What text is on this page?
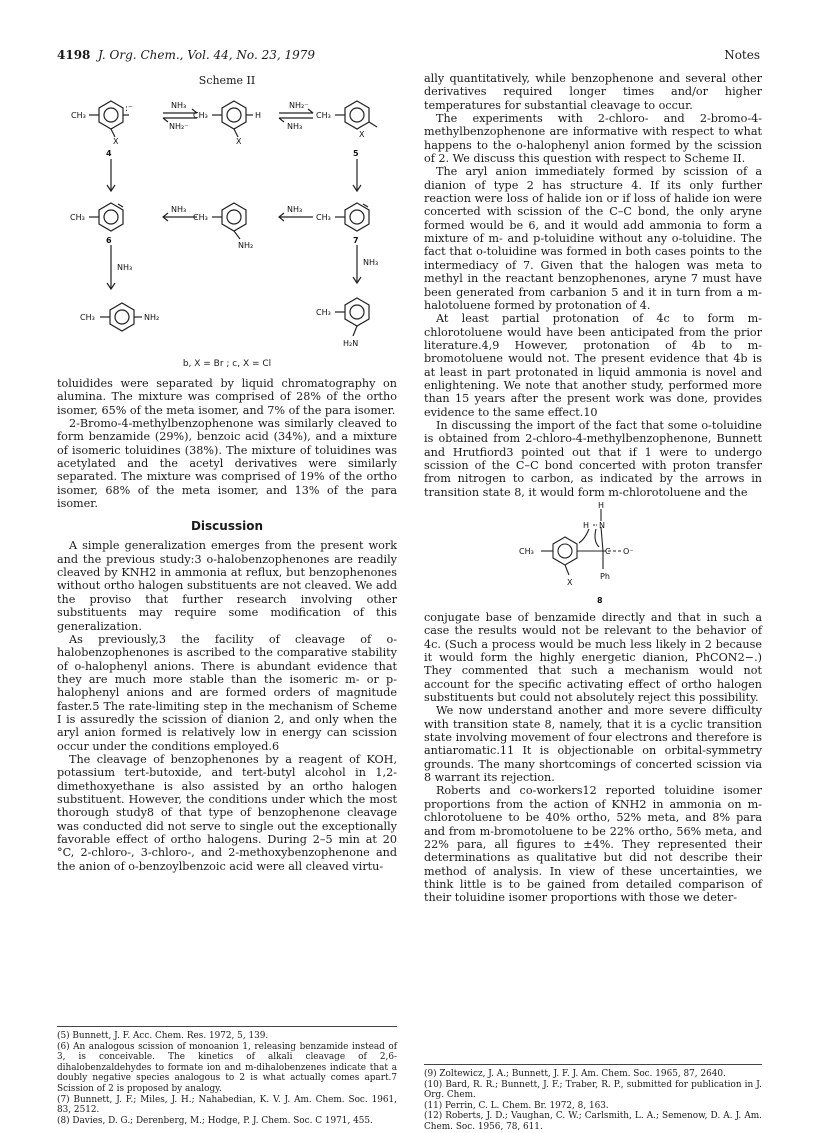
4198 J. Org. Chem., Vol. 44, No. 23, 1979	Notes
Scheme II
CH₃
:⁻
X
4
NH₃
NH₂⁻
CH₃	H
X
NH₂⁻
NH₃
CH₃
X
5
CH₃
6
NH₃
CH₃
NH₂
NH₃
CH₃
7
NH₃
NH₃
CH₃	NH₂
CH₃
H₂N
b, X = Br ; c, X = Cl

toluidides were separated by liquid chromatography on alumina. The mixture was comprised of 28% of the ortho isomer, 65% of the meta isomer, and 7% of the para isomer.

2-Bromo-4-methylbenzophenone was similarly cleaved to form benzamide (29%), benzoic acid (34%), and a mixture of isomeric toluidines (38%). The mixture of toluidines was acetylated and the acetyl derivatives were similarly separated. The mixture was comprised of 19% of the ortho isomer, 68% of the meta isomer, and 13% of the para isomer.

Discussion

A simple generalization emerges from the present work and the previous study:3 o-halobenzophenones are readily cleaved by KNH2 in ammonia at reflux, but benzophenones without ortho halogen substituents are not cleaved. We add the proviso that further research involving other substituents may require some modification of this generalization.

As previously,3 the facility of cleavage of o-halobenzophenones is ascribed to the comparative stability of o-halophenyl anions. There is abundant evidence that they are much more stable than the isomeric m- or p-halophenyl anions and are formed orders of magnitude faster.5 The rate-limiting step in the mechanism of Scheme I is assuredly the scission of dianion 2, and only when the aryl anion formed is relatively low in energy can scission occur under the conditions employed.6

The cleavage of benzophenones by a reagent of KOH, potassium tert-butoxide, and tert-butyl alcohol in 1,2-dimethoxyethane is also assisted by an ortho halogen substituent. However, the conditions under which the most thorough study8 of that type of benzophenone cleavage was conducted did not serve to single out the exceptionally favorable effect of ortho halogens. During 2–5 min at 20 °C, 2-chloro-, 3-chloro-, and 2-methoxybenzophenone and the anion of o-benzoylbenzoic acid were all cleaved virtu-

(5) Bunnett, J. F. Acc. Chem. Res. 1972, 5, 139.

(6) An analogous scission of monoanion 1, releasing benzamide instead of 3, is conceivable. The kinetics of alkali cleavage of 2,6-dihalobenzaldehydes to formate ion and m-dihalobenzenes indicate that a doubly negative species analogous to 2 is what actually comes apart.7 Scission of 2 is proposed by analogy.

(7) Bunnett, J. F.; Miles, J. H.; Nahabedian, K. V. J. Am. Chem. Soc. 1961, 83, 2512.

(8) Davies, D. G.; Derenberg, M.; Hodge, P. J. Chem. Soc. C 1971, 455.

ally quantitatively, while benzophenone and several other derivatives required longer times and/or higher temperatures for substantial cleavage to occur.

The experiments with 2-chloro- and 2-bromo-4-methylbenzophenone are informative with respect to what happens to the o-halophenyl anion formed by the scission of 2. We discuss this question with respect to Scheme II.

The aryl anion immediately formed by scission of a dianion of type 2 has structure 4. If its only further reaction were loss of halide ion or if loss of halide ion were concerted with scission of the C–C bond, the only aryne formed would be 6, and it would add ammonia to form a mixture of m- and p-toluidine without any o-toluidine. The fact that o-toluidine was formed in both cases points to the intermediacy of 7. Given that the halogen was meta to methyl in the reactant benzophenones, aryne 7 must have been generated from carbanion 5 and it in turn from a m-halotoluene formed by protonation of 4.

At least partial protonation of 4c to form m-chlorotoluene would have been anticipated from the prior literature.4,9 However, protonation of 4b to m-bromotoluene would not. The present evidence that 4b is at least in part protonated in liquid ammonia is novel and enlightening. We note that another study, performed more than 15 years after the present work was done, provides evidence to the same effect.10

In discussing the import of the fact that some o-toluidine is obtained from 2-chloro-4-methylbenzophenone, Bunnett and Hrutfiord3 pointed out that if 1 were to undergo scission of the C–C bond concerted with proton transfer from nitrogen to carbon, as indicated by the arrows in transition state 8, it would form m-chlorotoluene and the

H
H N
C O⁻
Ph
X
CH₃
8

conjugate base of benzamide directly and that in such a case the results would not be relevant to the behavior of 4c. (Such a process would be much less likely in 2 because it would form the highly energetic dianion, PhCON2−.) They commented that such a mechanism would not account for the specific activating effect of ortho halogen substituents but could not absolutely reject this possibility.

We now understand another and more severe difficulty with transition state 8, namely, that it is a cyclic transition state involving movement of four electrons and therefore is antiaromatic.11 It is objectionable on orbital-symmetry grounds. The many shortcomings of concerted scission via 8 warrant its rejection.

Roberts and co-workers12 reported toluidine isomer proportions from the action of KNH2 in ammonia on m-chlorotoluene to be 40% ortho, 52% meta, and 8% para and from m-bromotoluene to be 22% ortho, 56% meta, and 22% para, all figures to ±4%. They represented their determinations as qualitative but did not describe their method of analysis. In view of these uncertainties, we think little is to be gained from detailed comparison of their toluidine isomer proportions with those we deter-

(9) Zoltewicz, J. A.; Bunnett, J. F. J. Am. Chem. Soc. 1965, 87, 2640.

(10) Bard, R. R.; Bunnett, J. F.; Traber, R. P., submitted for publication in J. Org. Chem.

(11) Perrin, C. L. Chem. Br. 1972, 8, 163.

(12) Roberts, J. D.; Vaughan, C. W.; Carlsmith, L. A.; Semenow, D. A. J. Am. Chem. Soc. 1956, 78, 611.
